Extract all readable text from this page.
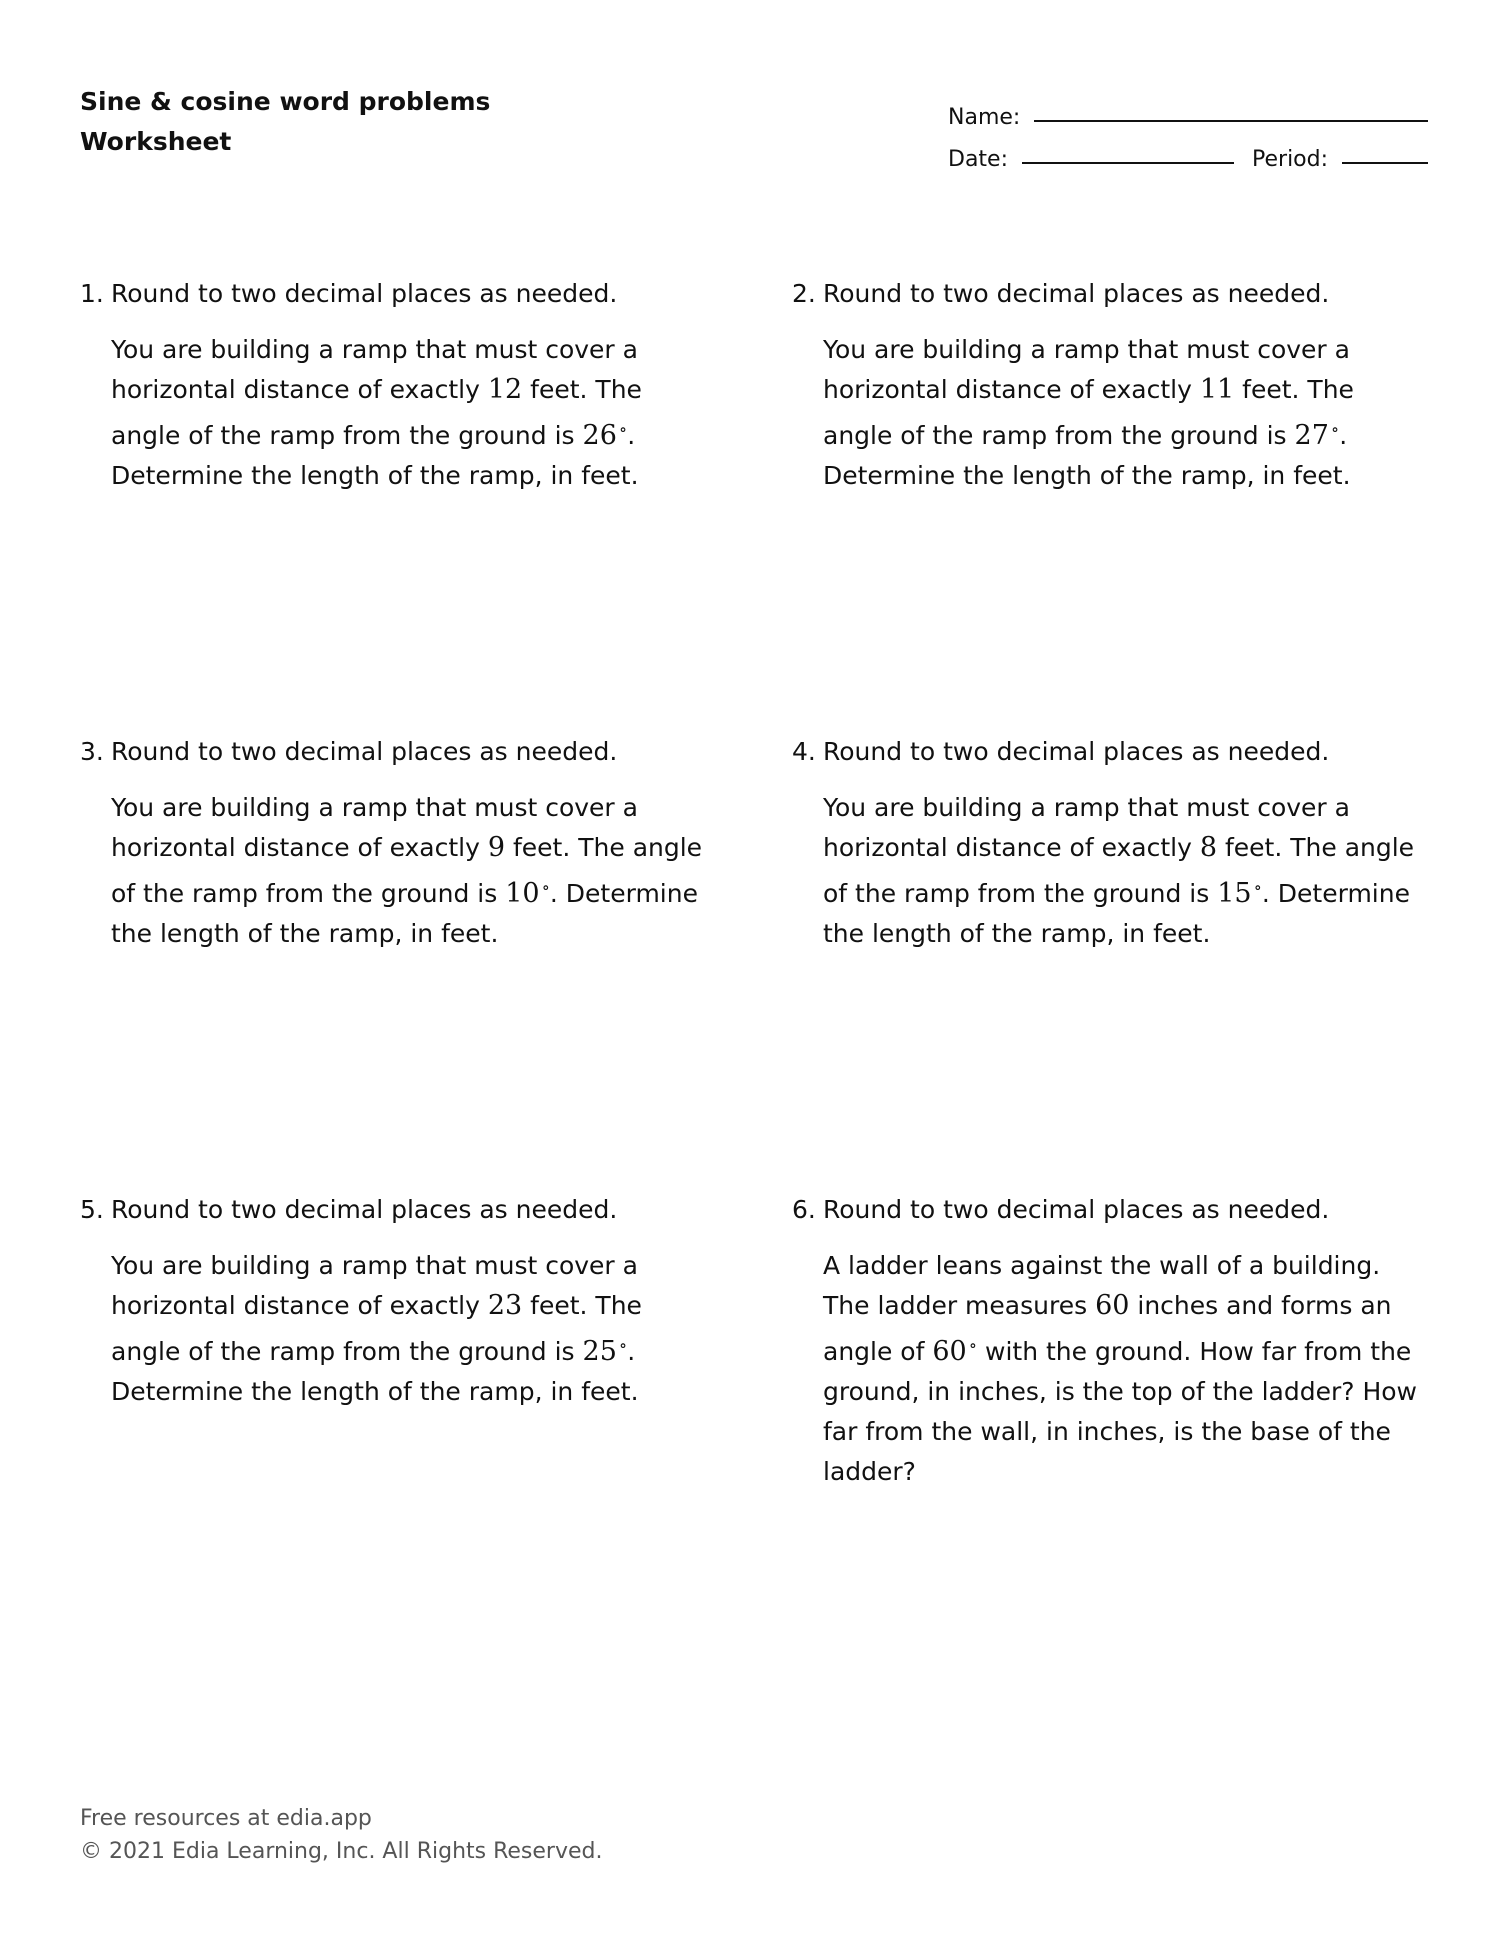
Sine & cosine word problems
Worksheet
Name:
Date:	Period:
1. Round to two decimal places as needed.
You are building a ramp that must cover a horizontal distance of exactly 12 feet. The angle of the ramp from the ground is 26 ∘. Determine the length of the ramp, in feet.
2. Round to two decimal places as needed.
You are building a ramp that must cover a horizontal distance of exactly 11 feet. The angle of the ramp from the ground is 27 ∘. Determine the length of the ramp, in feet.
3. Round to two decimal places as needed.
You are building a ramp that must cover a horizontal distance of exactly 9 feet. The angle of the ramp from the ground is 10 ∘. Determine the length of the ramp, in feet.
4. Round to two decimal places as needed.
You are building a ramp that must cover a horizontal distance of exactly 8 feet. The angle of the ramp from the ground is 15 ∘. Determine the length of the ramp, in feet.
5. Round to two decimal places as needed.
You are building a ramp that must cover a horizontal distance of exactly 23 feet. The angle of the ramp from the ground is 25 ∘. Determine the length of the ramp, in feet.
6. Round to two decimal places as needed.
A ladder leans against the wall of a building. The ladder measures 60 inches and forms an angle of 60 ∘ with the ground. How far from the ground, in inches, is the top of the ladder? How far from the wall, in inches, is the base of the ladder?
Free resources at edia.app
© 2021 Edia Learning, Inc. All Rights Reserved.
